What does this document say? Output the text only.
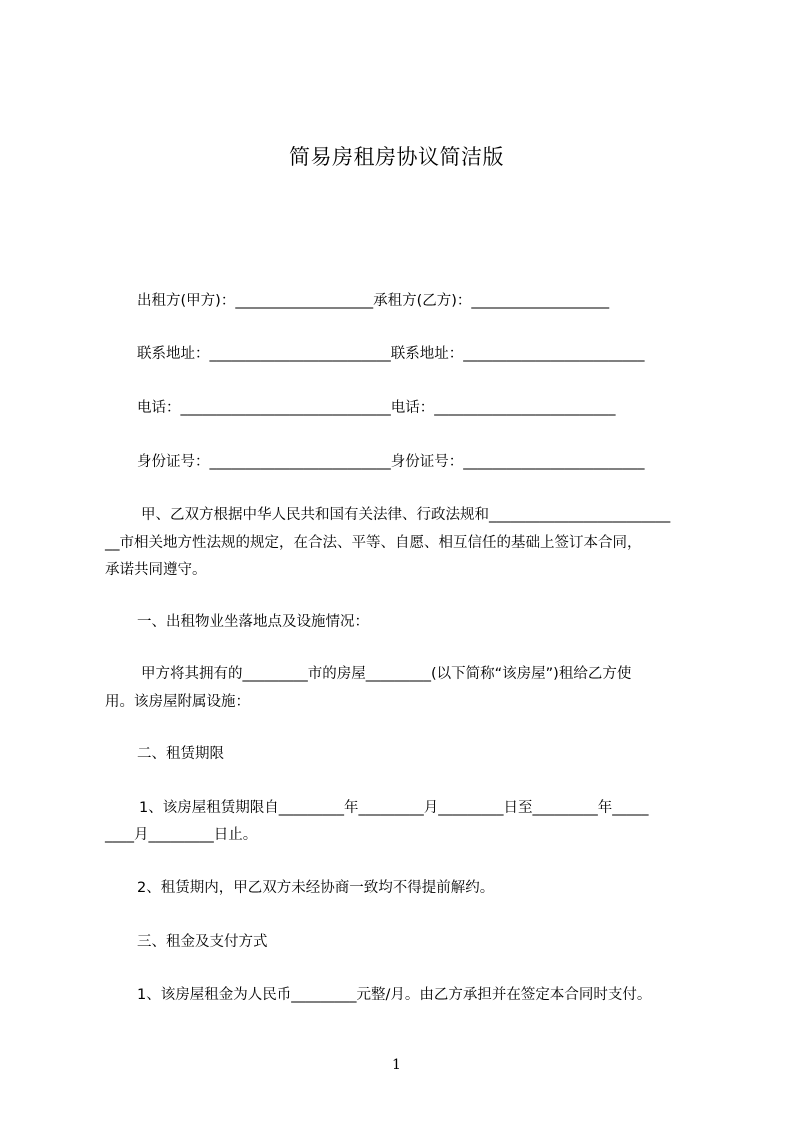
简易房租房协议简洁版
出租方(甲方)：___________________承租方(乙方)：___________________
联系地址：_________________________联系地址：_________________________
电话：_____________________________电话：_________________________
身份证号：_________________________身份证号：_________________________
甲、乙双方根据中华人民共和国有关法律、行政法规和_________________________
__市相关地方性法规的规定，在合法、平等、自愿、相互信任的基础上签订本合同，
承诺共同遵守。
一、出租物业坐落地点及设施情况：
甲方将其拥有的_________市的房屋_________(以下简称“该房屋”)租给乙方使
用。该房屋附属设施：
二、租赁期限
1、该房屋租赁期限自_________年_________月_________日至_________年_____
____月_________日止。
2、租赁期内，甲乙双方未经协商一致均不得提前解约。
三、租金及支付方式
1、该房屋租金为人民币_________元整/月。由乙方承担并在签定本合同时支付。
1
